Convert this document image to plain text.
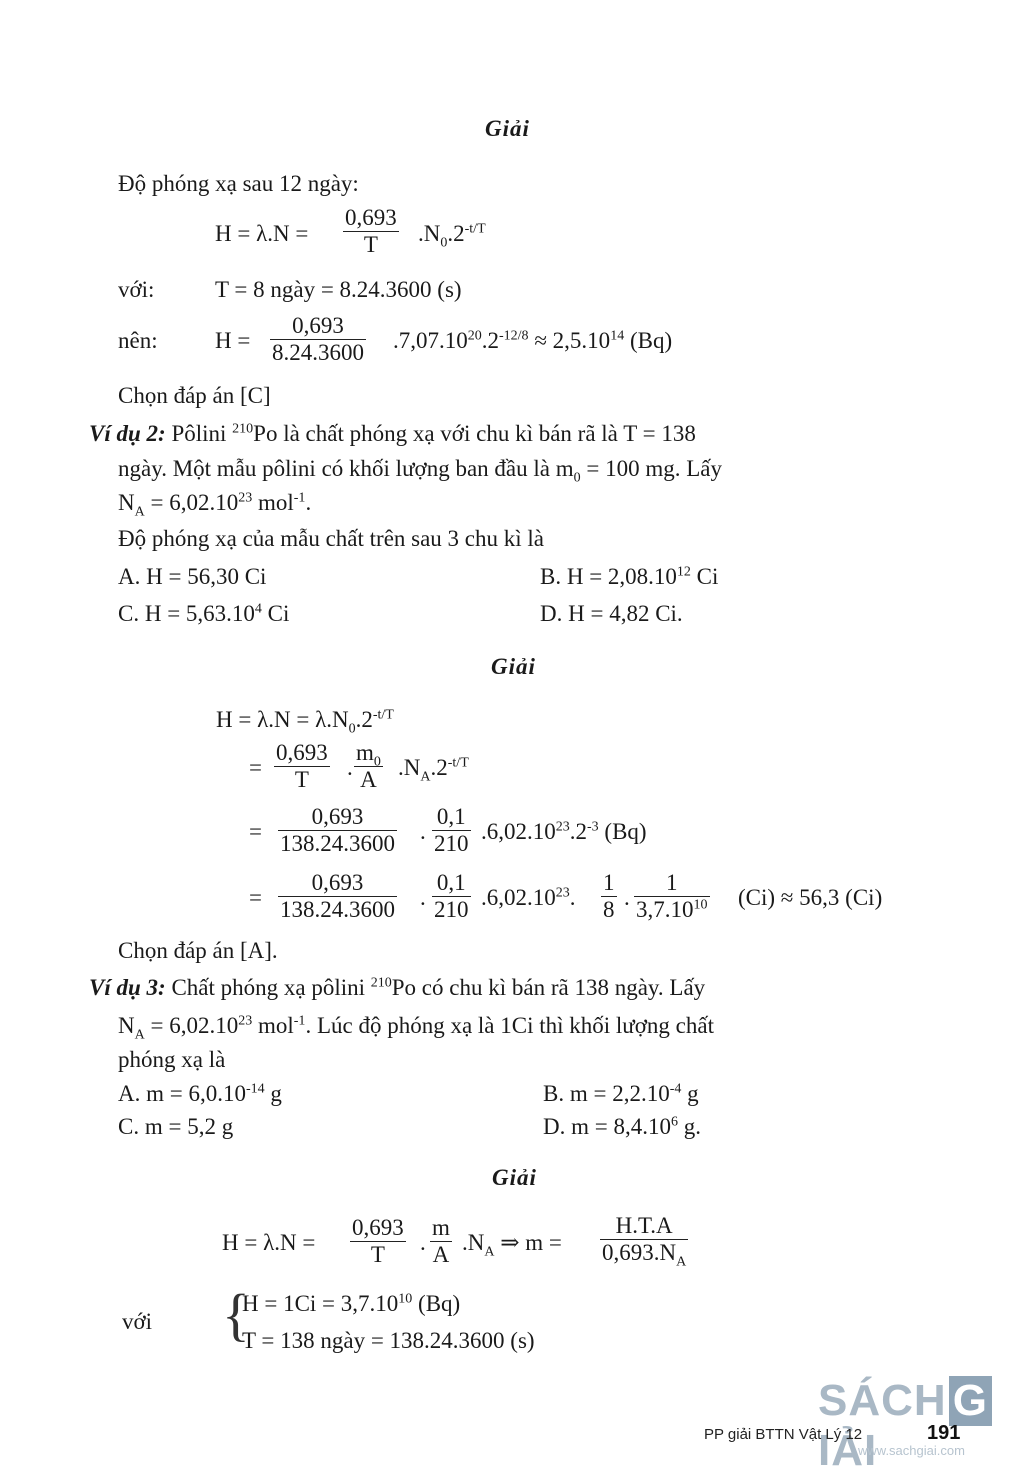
Giải
Độ phóng xạ sau 12 ngày:
$H = \lambda.N = \frac{0,693}{T} .N_0.2^{-t/T}$
với:	T = 8 ngày = 8.24.3600 (s)
nên: $H = \frac{0,693}{8.24.3600} .7,07.10^{20}.2^{-12/8} \approx 2,5.10^{14}$ (Bq)
Chọn đáp án [C]
Ví dụ 2: Pôlini $^{210}$Po là chất phóng xạ với chu kì bán rã là T = 138
ngày. Một mẫu pôlini có khối lượng ban đầu là $m_0 = 100$ mg. Lấy
$N_A = 6,02.10^{23}$ mol$^{-1}$.
Độ phóng xạ của mẫu chất trên sau 3 chu kì là
A. H = 56,30 Ci	B. $H = 2,08.10^{12}$ Ci
C. $H = 5,63.10^4$ Ci	D. H = 4,82 Ci.
Giải
$H = \lambda.N = \lambda.N_0.2^{-t/T}$
= $\frac{0,693}{T}$ . $\frac{m_0}{A} .N_A.2^{-t/T}$
= $\frac{0,693}{138.24.3600}$ . $\frac{0,1}{210} .6,02.10^{23}.2^{-3}$ (Bq)
= $\frac{0,693}{138.24.3600}$ . $\frac{0,1}{210} .6,02.10^{23}$. $\frac{1}{8}$ . $\frac{1}{3,7.10^{10}} (Ci) \approx 56,3$ (Ci)
Chọn đáp án [A].
Ví dụ 3: Chất phóng xạ pôlini $^{210}$Po có chu kì bán rã 138 ngày. Lấy
$N_A = 6,02.10^{23}$ mol$^{-1}$. Lúc độ phóng xạ là 1Ci thì khối lượng chất
phóng xạ là
A. $m = 6,0.10^{-14}$ g	B. $m = 2,2.10^{-4}$ g
C. m = 5,2 g	D. $m = 8,4.10^6$ g.
Giải
$H = \lambda.N = \frac{0,693}{T}$ . $\frac{m}{A} .N_A$ ⇒ $m = \frac{H.T.A}{0,693.N_A}$
với {
$H = 1Ci = 3,7.10^{10}$ (Bq)
T = 138 ngày = 138.24.3600 (s)
SÁCH GIẢI
PP giải BTTN Vật Lý 12	191
www.sachgiai.com
